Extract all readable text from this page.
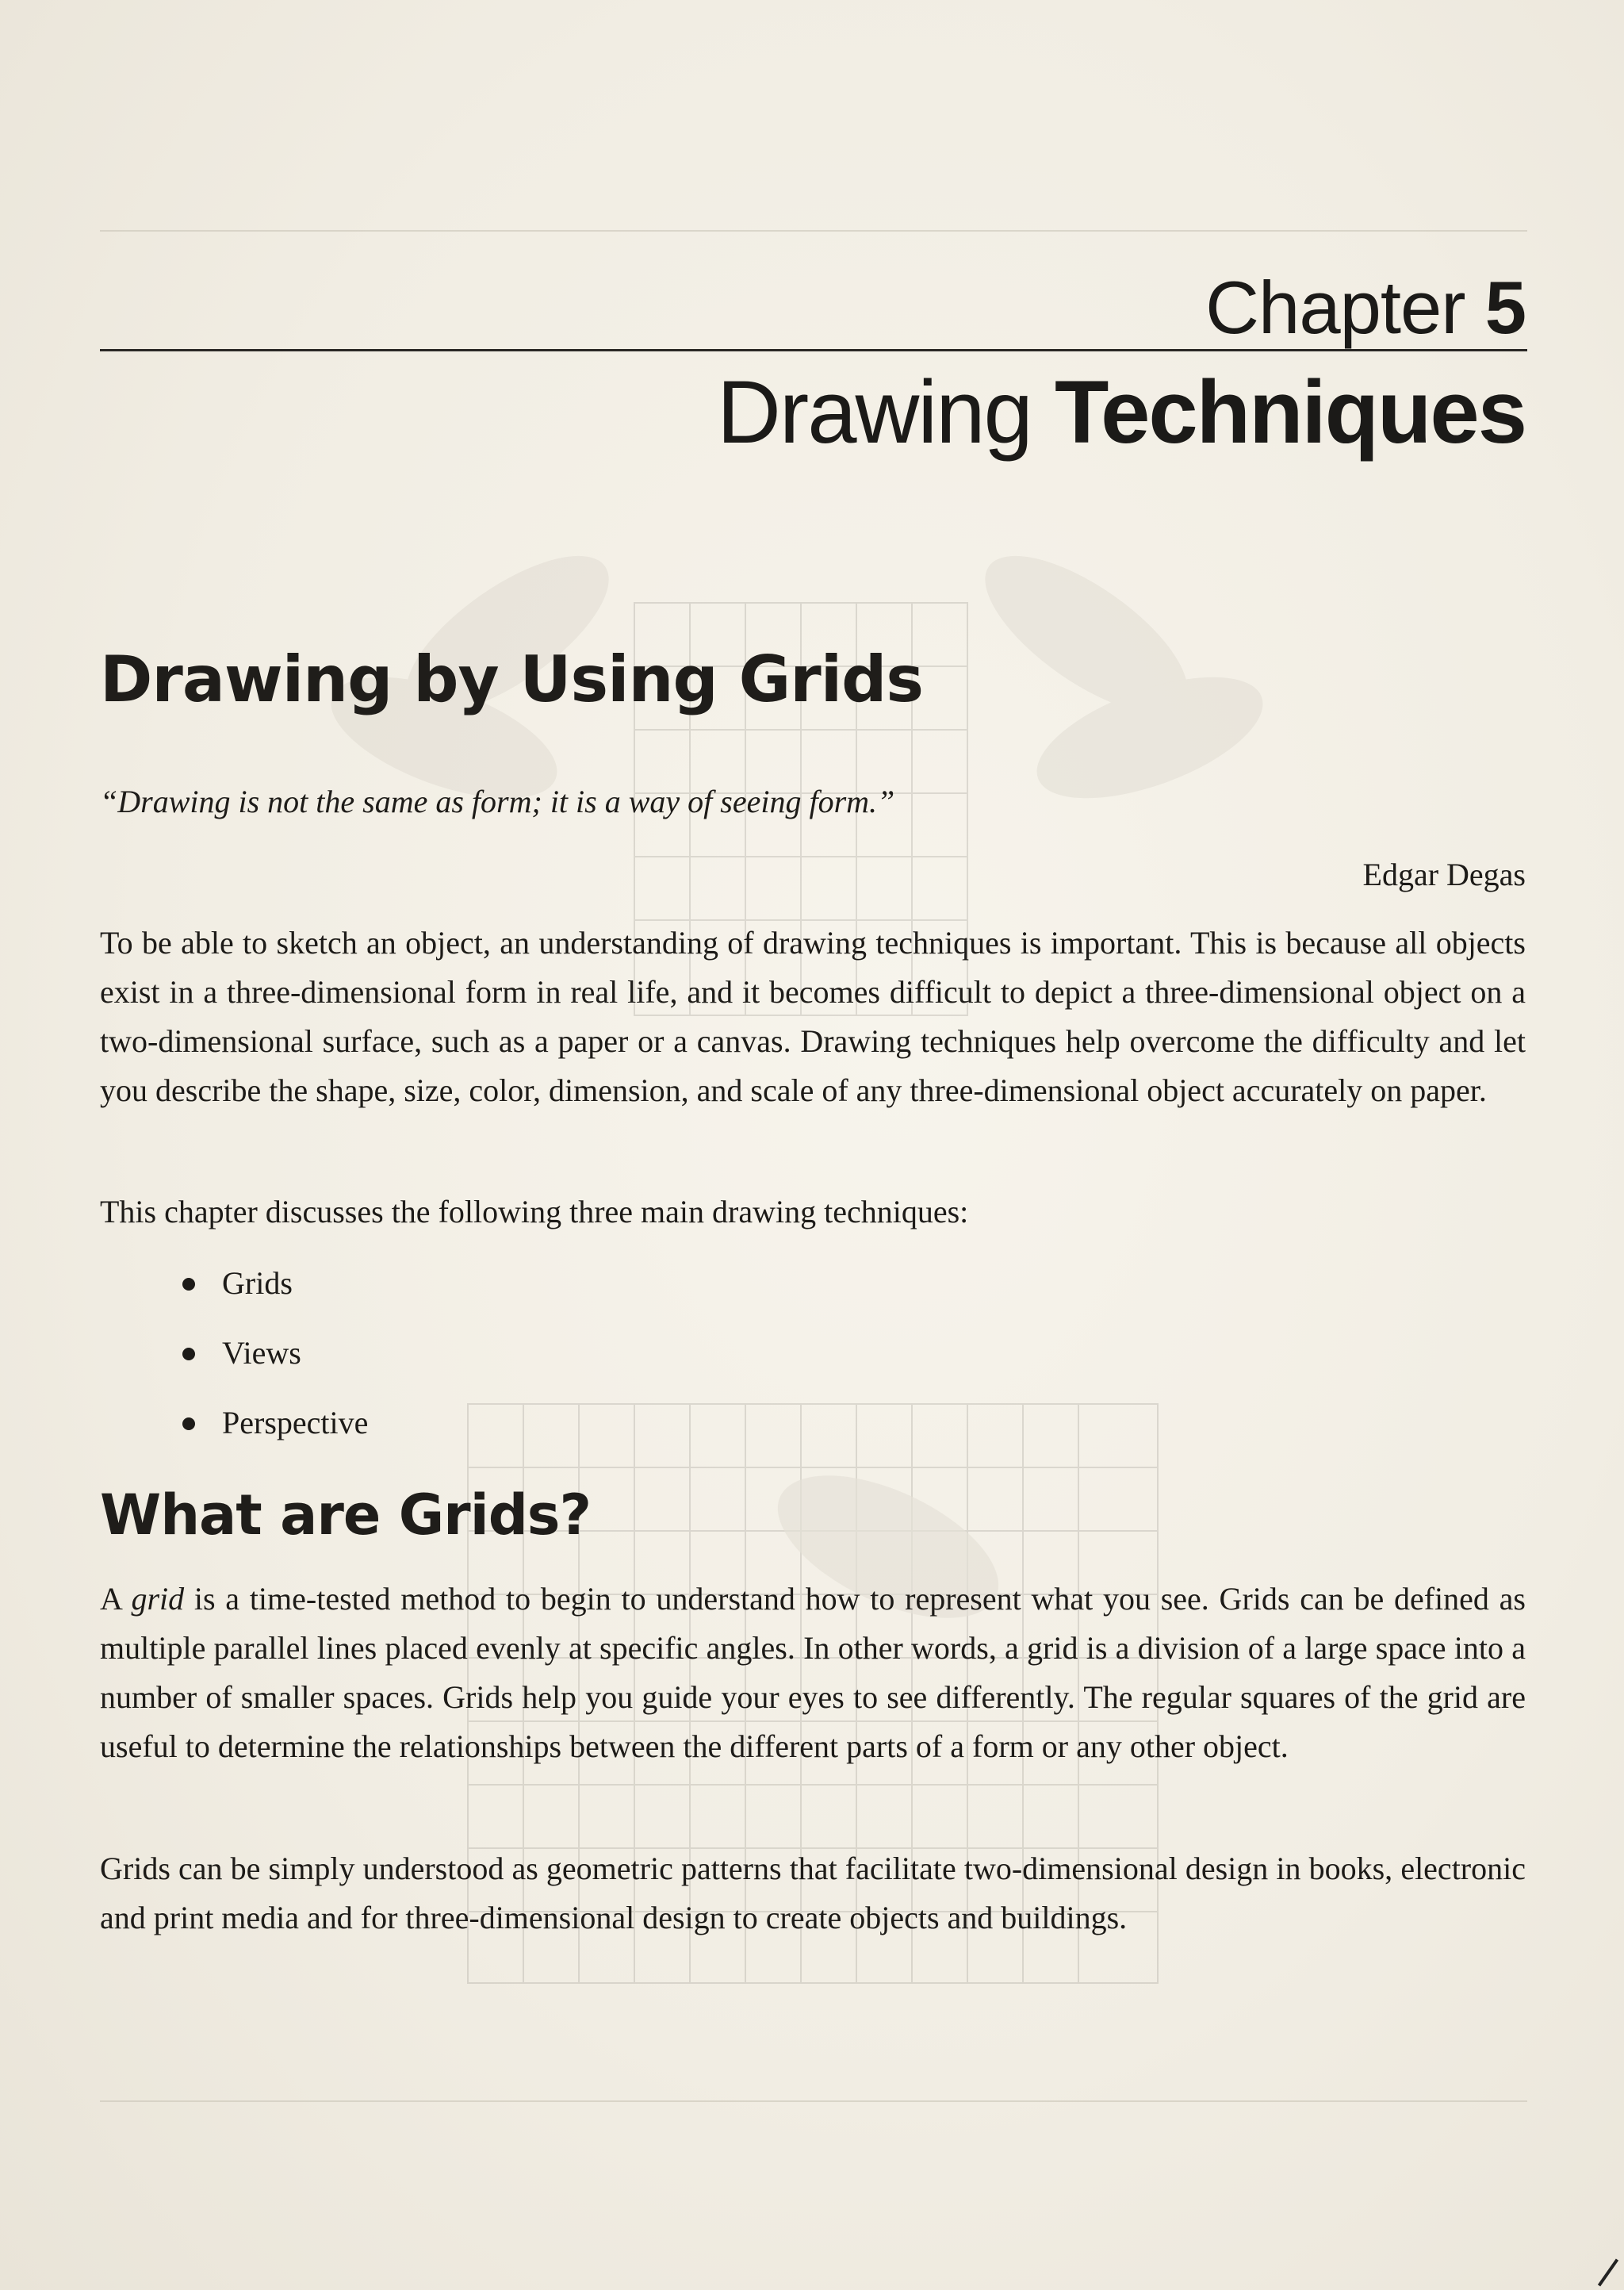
Chapter 5
Drawing Techniques
Drawing by Using Grids
“Drawing is not the same as form; it is a way of seeing form.”
Edgar Degas

To be able to sketch an object, an understanding of drawing techniques is important. This is because all objects exist in a three-dimensional form in real life, and it becomes difficult to depict a three-dimensional object on a two-dimensional surface, such as a paper or a canvas. Drawing techniques help overcome the difficulty and let you describe the shape, size, color, dimension, and scale of any three-dimensional object accurately on paper.

This chapter discusses the following three main drawing techniques:

Grids
Views
Perspective
What are Grids?

A grid is a time-tested method to begin to understand how to represent what you see. Grids can be defined as multiple parallel lines placed evenly at specific angles. In other words, a grid is a division of a large space into a number of smaller spaces. Grids help you guide your eyes to see differently. The regular squares of the grid are useful to determine the relationships between the different parts of a form or any other object.

Grids can be simply understood as geometric patterns that facilitate two-dimensional design in books, electronic and print media and for three-dimensional design to create objects and buildings.
